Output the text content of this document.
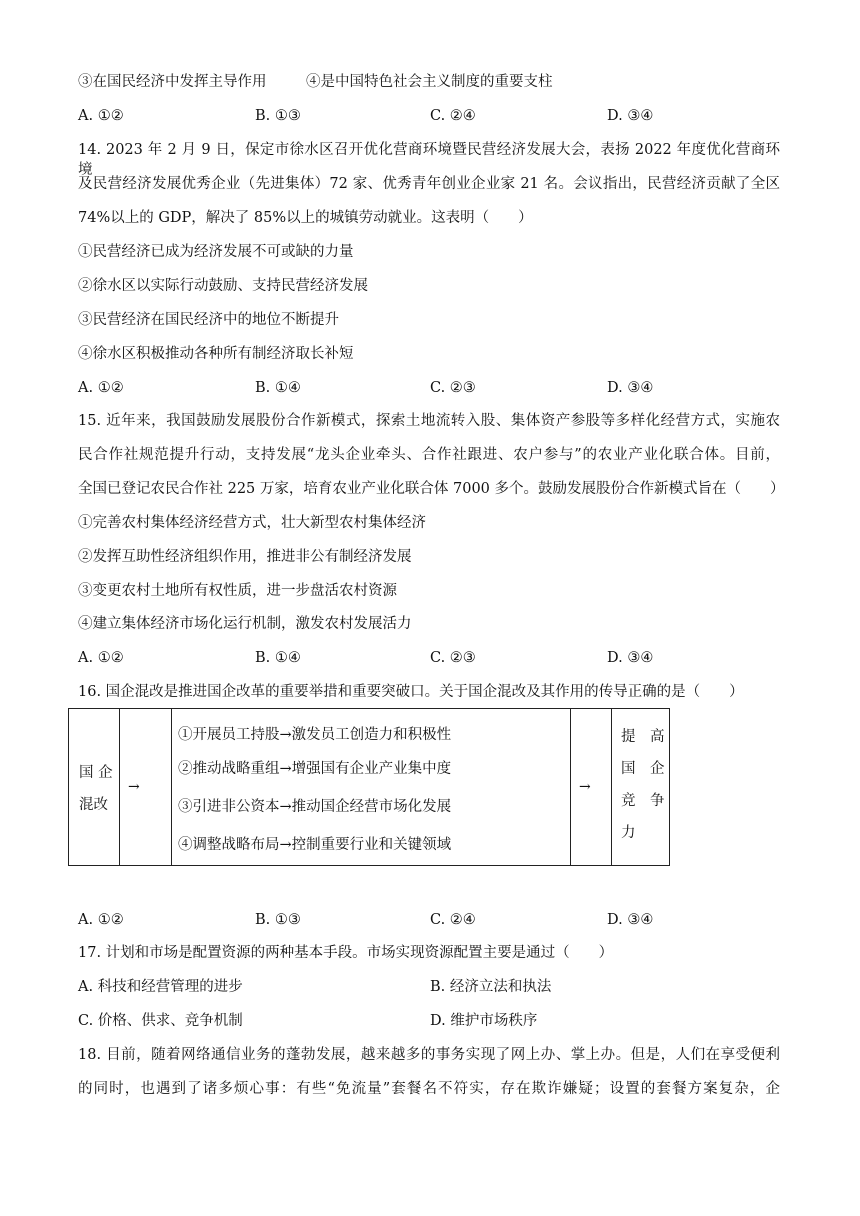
③在国民经济中发挥主导作用	④是中国特色社会主义制度的重要支柱
A. ①②	B. ①③	C. ②④	D. ③④
14. 2023 年 2 月 9 日，保定市徐水区召开优化营商环境暨民营经济发展大会，表扬 2022 年度优化营商环境
及民营经济发展优秀企业（先进集体）72 家、优秀青年创业企业家 21 名。会议指出，民营经济贡献了全区
74%以上的 GDP，解决了 85%以上的城镇劳动就业。这表明（　　）
①民营经济已成为经济发展不可或缺的力量
②徐水区以实际行动鼓励、支持民营经济发展
③民营经济在国民经济中的地位不断提升
④徐水区积极推动各种所有制经济取长补短
A. ①②	B. ①④	C. ②③	D. ③④
15. 近年来，我国鼓励发展股份合作新模式，探索土地流转入股、集体资产参股等多样化经营方式，实施农
民合作社规范提升行动，支持发展“龙头企业牵头、合作社跟进、农户参与”的农业产业化联合体。目前，
全国已登记农民合作社 225 万家，培育农业产业化联合体 7000 多个。鼓励发展股份合作新模式旨在（　　）
①完善农村集体经济经营方式，壮大新型农村集体经济
②发挥互助性经济组织作用，推进非公有制经济发展
③变更农村土地所有权性质，进一步盘活农村资源
④建立集体经济市场化运行机制，激发农村发展活力
A. ①②	B. ①④	C. ②③	D. ③④
16. 国企混改是推进国企改革的重要举措和重要突破口。关于国企混改及其作用的传导正确的是（　　）
国 企
混改
→
①开展员工持股→激发员工创造力和积极性
②推动战略重组→增强国有企业产业集中度
③引进非公资本→推动国企经营市场化发展
④调整战略布局→控制重要行业和关键领域
→
提　高
国　企
竞　争
力
A. ①②	B. ①③	C. ②④	D. ③④
17. 计划和市场是配置资源的两种基本手段。市场实现资源配置主要是通过（　　）
A. 科技和经营管理的进步	B. 经济立法和执法
C. 价格、供求、竞争机制	D. 维护市场秩序
18. 目前，随着网络通信业务的蓬勃发展，越来越多的事务实现了网上办、掌上办。但是，人们在享受便利
的同时，也遇到了诸多烦心事：有些“免流量”套餐名不符实，存在欺诈嫌疑；设置的套餐方案复杂，企
